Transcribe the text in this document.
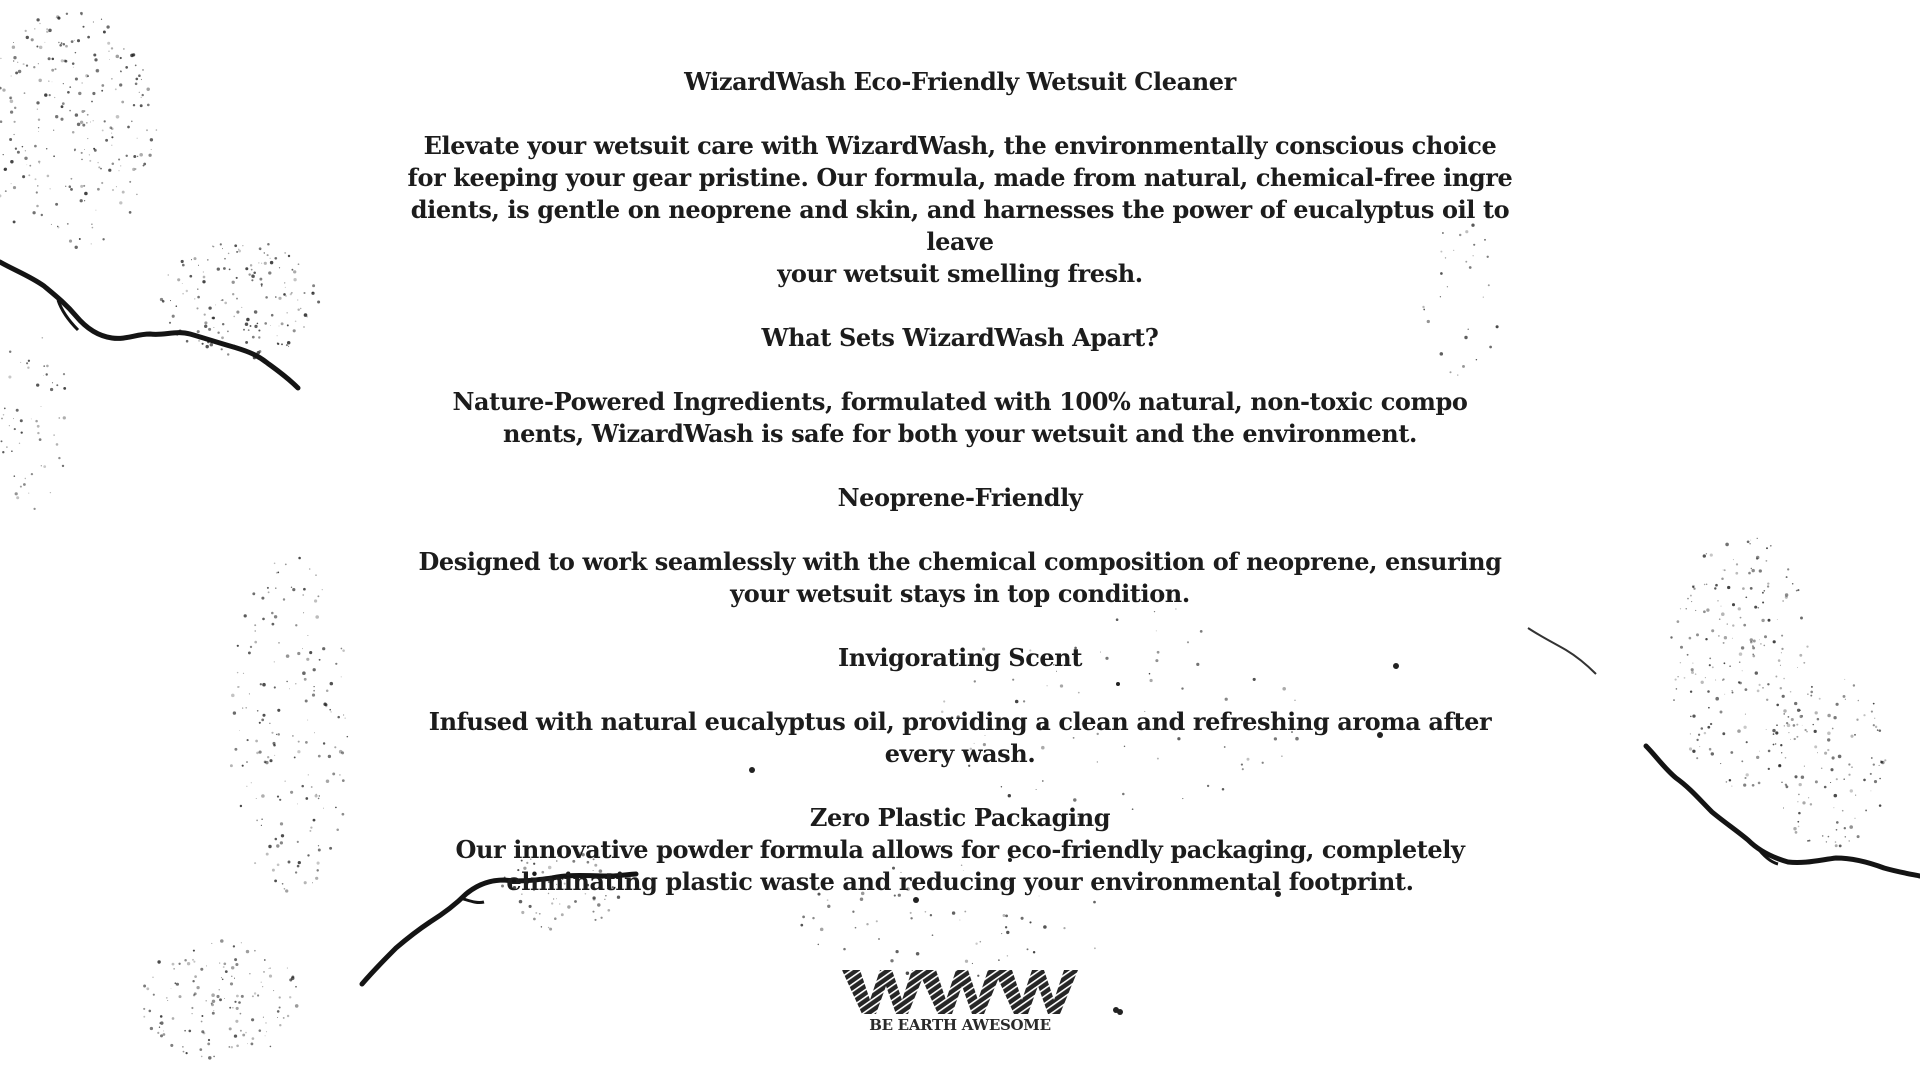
WizardWash Eco-Friendly Wetsuit Cleaner

Elevate your wetsuit care with WizardWash, the environmentally conscious choice
for keeping your gear pristine. Our formula, made from natural, chemical-free ingre
dients, is gentle on neoprene and skin, and harnesses the power of eucalyptus oil to leave
your wetsuit smelling fresh.

What Sets WizardWash Apart?

Nature-Powered Ingredients, formulated with 100% natural, non-toxic compo
nents, WizardWash is safe for both your wetsuit and the environment.

Neoprene-Friendly

Designed to work seamlessly with the chemical composition of neoprene, ensuring
your wetsuit stays in top condition.

Invigorating Scent

Infused with natural eucalyptus oil, providing a clean and refreshing aroma after
every wash.

Zero Plastic Packaging

Our innovative powder formula allows for eco-friendly packaging, completely
eliminating plastic waste and reducing your environmental footprint.

BE EARTH AWESOME
